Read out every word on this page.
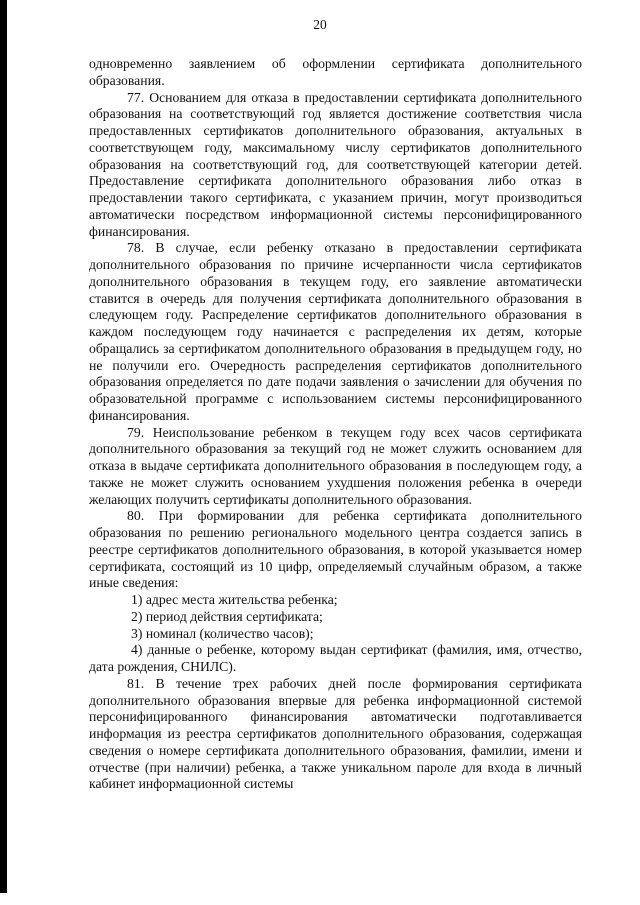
20

одновременно заявлением об оформлении сертификата дополнительного образования.

77. Основанием для отказа в предоставлении сертификата дополнительного образования на соответствующий год является достижение соответствия числа предоставленных сертификатов дополнительного образования, актуальных в соответствующем году, максимальному числу сертификатов дополнительного образования на соответствующий год, для соответствующей категории детей. Предоставление сертификата дополнительного образования либо отказ в предоставлении такого сертификата, с указанием причин, могут производиться автоматически посредством информационной системы персонифицированного финансирования.

78. В случае, если ребенку отказано в предоставлении сертификата дополнительного образования по причине исчерпанности числа сертификатов дополнительного образования в текущем году, его заявление автоматически ставится в очередь для получения сертификата дополнительного образования в следующем году. Распределение сертификатов дополнительного образования в каждом последующем году начинается с распределения их детям, которые обращались за сертификатом дополнительного образования в предыдущем году, но не получили его. Очередность распределения сертификатов дополнительного образования определяется по дате подачи заявления о зачислении для обучения по образовательной программе с использованием системы персонифицированного финансирования.

79. Неиспользование ребенком в текущем году всех часов сертификата дополнительного образования за текущий год не может служить основанием для отказа в выдаче сертификата дополнительного образования в последующем году, а также не может служить основанием ухудшения положения ребенка в очереди желающих получить сертификаты дополнительного образования.

80. При формировании для ребенка сертификата дополнительного образования по решению регионального модельного центра создается запись в реестре сертификатов дополнительного образования, в которой указывается номер сертификата, состоящий из 10 цифр, определяемый случайным образом, а также иные сведения:

1) адрес места жительства ребенка;

2) период действия сертификата;

3) номинал (количество часов);

4) данные о ребенке, которому выдан сертификат (фамилия, имя, отчество, дата рождения, СНИЛС).

81. В течение трех рабочих дней после формирования сертификата дополнительного образования впервые для ребенка информационной системой персонифицированного финансирования автоматически подготавливается информация из реестра сертификатов дополнительного образования, содержащая сведения о номере сертификата дополнительного образования, фамилии, имени и отчестве (при наличии) ребенка, а также уникальном пароле для входа в личный кабинет информационной системы
